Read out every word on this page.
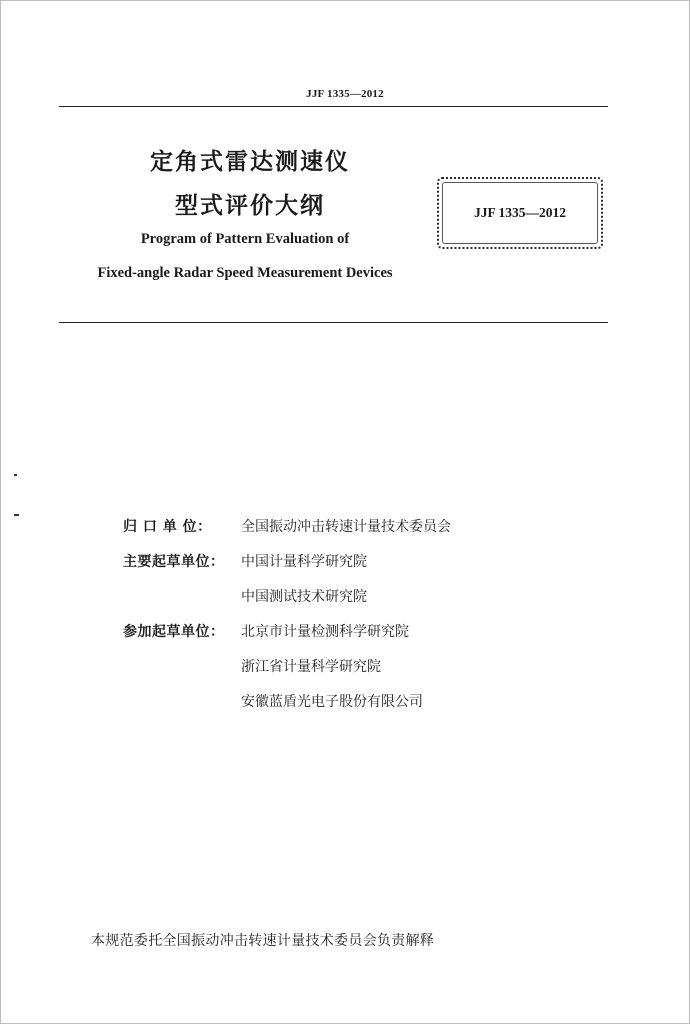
JJF 1335—2012
定角式雷达测速仪
型式评价大纲
Program of Pattern Evaluation of
Fixed-angle Radar Speed Measurement Devices
JJF 1335—2012
归 口 单 位：	全国振动冲击转速计量技术委员会
主要起草单位：	中国计量科学研究院
中国测试技术研究院
参加起草单位：	北京市计量检测科学研究院
浙江省计量科学研究院
安徽蓝盾光电子股份有限公司
本规范委托全国振动冲击转速计量技术委员会负责解释
